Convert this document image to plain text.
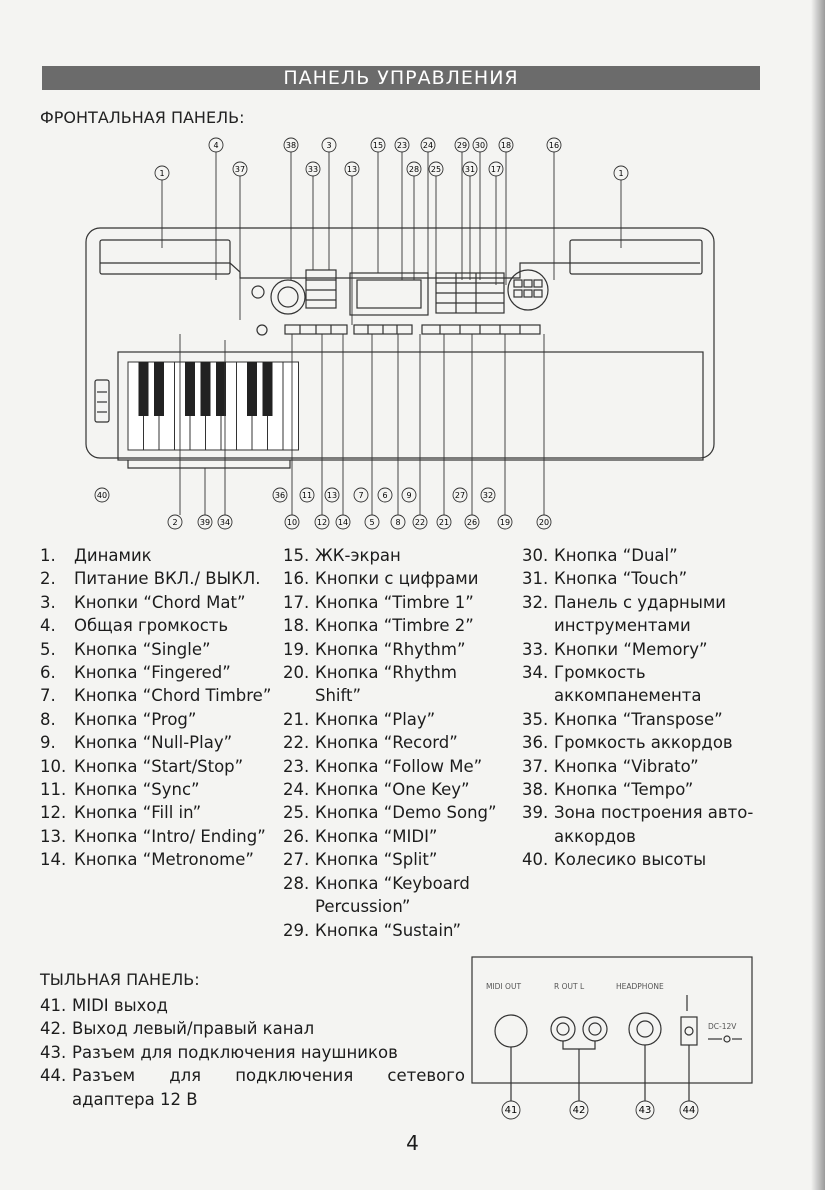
ПАНЕЛЬ УПРАВЛЕНИЯ
ФРОНТАЛЬНАЯ ПАНЕЛЬ:
1
4
37
38	3
33	13
15 23 24
28 25
29 30
31 17
18	16
1
40	36 11 13	7 6 9	27 32
2	39 34	10 12 14	5	8 22 21 26	19	20
1.	Динамик
2.	Питание ВКЛ./ ВЫКЛ.
3.	Кнопки “Chord Mat”
4.	Общая громкость
5.	Кнопка “Single”
6.	Кнопка “Fingered”
7.	Кнопка “Chord Timbre”
8.	Кнопка “Prog”
9.	Кнопка “Null-Play”
10. Кнопка “Start/Stop”
11. Кнопка “Sync”
12. Кнопка “Fill in”
13. Кнопка “Intro/ Ending”
14. Кнопка “Metronome”
15. ЖК-экран
16. Кнопки с цифрами
17. Кнопка “Timbre 1”
18. Кнопка “Timbre 2”
19. Кнопка “Rhythm”
20. Кнопка “Rhythm Shift”
21. Кнопка “Play”
22. Кнопка “Record”
23. Кнопка “Follow Me”
24. Кнопка “One Key”
25. Кнопка “Demo Song”
26. Кнопка “MIDI”
27. Кнопка “Split”
28. Кнопка “Keyboard Percussion”
29. Кнопка “Sustain”
30. Кнопка “Dual”
31. Кнопка “Touch”
32. Панель с ударными инструментами
33. Кнопки “Memory”
34. Громкость аккомпанемента
35. Кнопка “Transpose”
36. Громкость аккордов
37. Кнопка “Vibrato”
38. Кнопка “Tempo”
39. Зона построения авто-аккордов
40. Колесико высоты
ТЫЛЬНАЯ ПАНЕЛЬ:
41. MIDI выход
42. Выход левый/правый канал
43. Разъем для подключения наушников
44. Разъем для подключения сетевого адаптера 12 В
MIDI OUT	R OUT L	HEADPHONE
DC-12V
41	42	43	44
4
